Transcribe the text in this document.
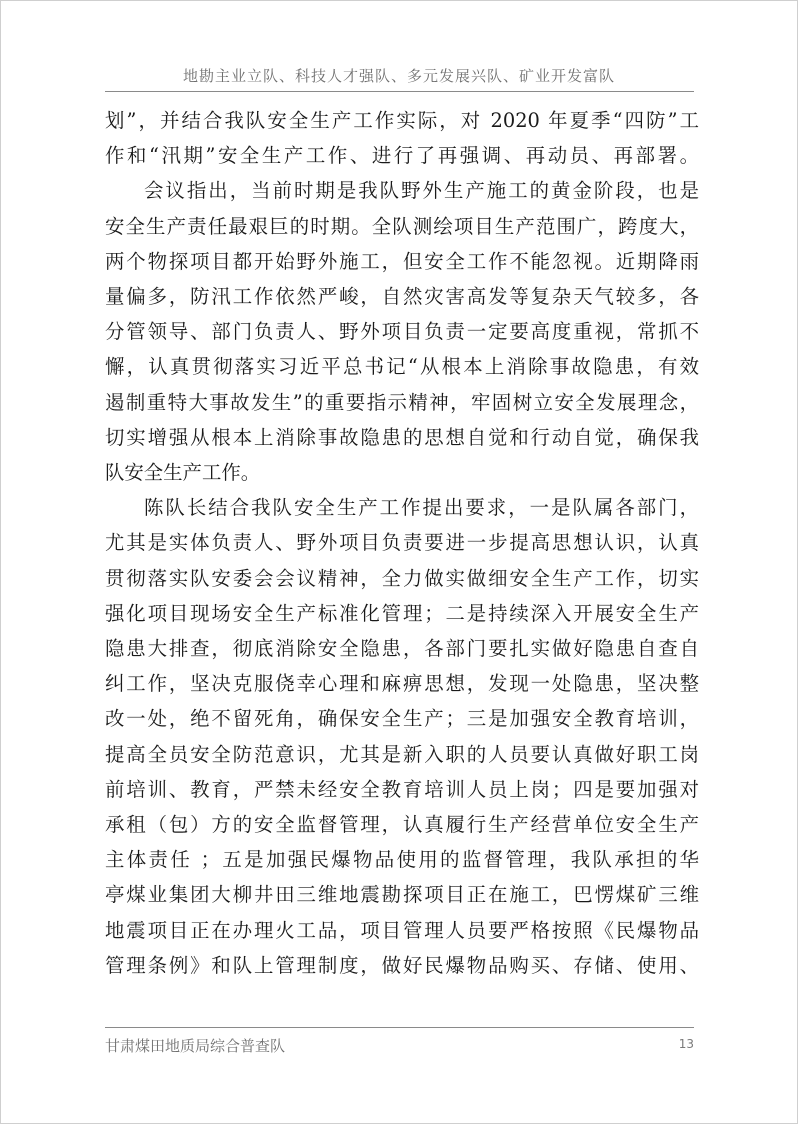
地勘主业立队、科技人才强队、多元发展兴队、矿业开发富队
划”，并结合我队安全生产工作实际，对 2020 年夏季“四防”工
作和“汛期”安全生产工作、进行了再强调、再动员、再部署。
会议指出，当前时期是我队野外生产施工的黄金阶段，也是
安全生产责任最艰巨的时期。全队测绘项目生产范围广，跨度大，
两个物探项目都开始野外施工，但安全工作不能忽视。近期降雨
量偏多，防汛工作依然严峻，自然灾害高发等复杂天气较多，各
分管领导、部门负责人、野外项目负责一定要高度重视，常抓不
懈，认真贯彻落实习近平总书记“从根本上消除事故隐患，有效
遏制重特大事故发生”的重要指示精神，牢固树立安全发展理念，
切实增强从根本上消除事故隐患的思想自觉和行动自觉，确保我
队安全生产工作。
陈队长结合我队安全生产工作提出要求，一是队属各部门，
尤其是实体负责人、野外项目负责要进一步提高思想认识，认真
贯彻落实队安委会会议精神，全力做实做细安全生产工作，切实
强化项目现场安全生产标准化管理；二是持续深入开展安全生产
隐患大排查，彻底消除安全隐患，各部门要扎实做好隐患自查自
纠工作，坚决克服侥幸心理和麻痹思想，发现一处隐患，坚决整
改一处，绝不留死角，确保安全生产；三是加强安全教育培训，
提高全员安全防范意识，尤其是新入职的人员要认真做好职工岗
前培训、教育，严禁未经安全教育培训人员上岗；四是要加强对
承租（包）方的安全监督管理，认真履行生产经营单位安全生产
主体责任 ；五是加强民爆物品使用的监督管理，我队承担的华
亭煤业集团大柳井田三维地震勘探项目正在施工，巴愣煤矿三维
地震项目正在办理火工品，项目管理人员要严格按照《民爆物品
管理条例》和队上管理制度，做好民爆物品购买、存储、使用、
甘肃煤田地质局综合普查队	13
